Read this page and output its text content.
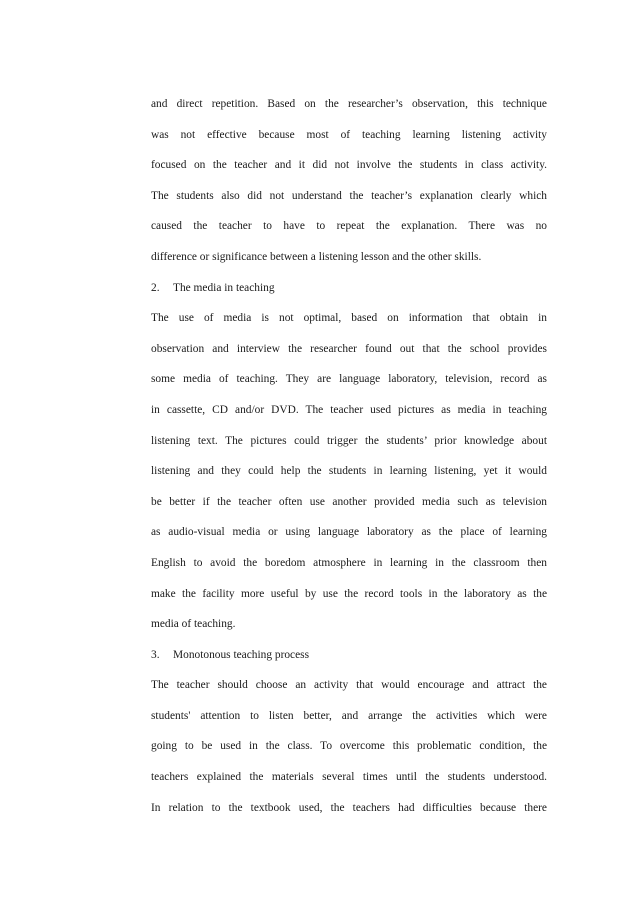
and direct repetition. Based on the researcher’s observation, this technique
was not effective because most of teaching learning listening activity
focused on the teacher and it did not involve the students in class activity.
The students also did not understand the teacher’s explanation clearly which
caused the teacher to have to repeat the explanation. There was no
difference or significance between a listening lesson and the other skills.
2. The media in teaching
The use of media is not optimal, based on information that obtain in
observation and interview the researcher found out that the school provides
some media of teaching. They are language laboratory, television, record as
in cassette, CD and/or DVD. The teacher used pictures as media in teaching
listening text. The pictures could trigger the students’ prior knowledge about
listening and they could help the students in learning listening, yet it would
be better if the teacher often use another provided media such as television
as audio-visual media or using language laboratory as the place of learning
English to avoid the boredom atmosphere in learning in the classroom then
make the facility more useful by use the record tools in the laboratory as the
media of teaching.
3. Monotonous teaching process
The teacher should choose an activity that would encourage and attract the
students' attention to listen better, and arrange the activities which were
going to be used in the class. To overcome this problematic condition, the
teachers explained the materials several times until the students understood.
In relation to the textbook used, the teachers had difficulties because there
